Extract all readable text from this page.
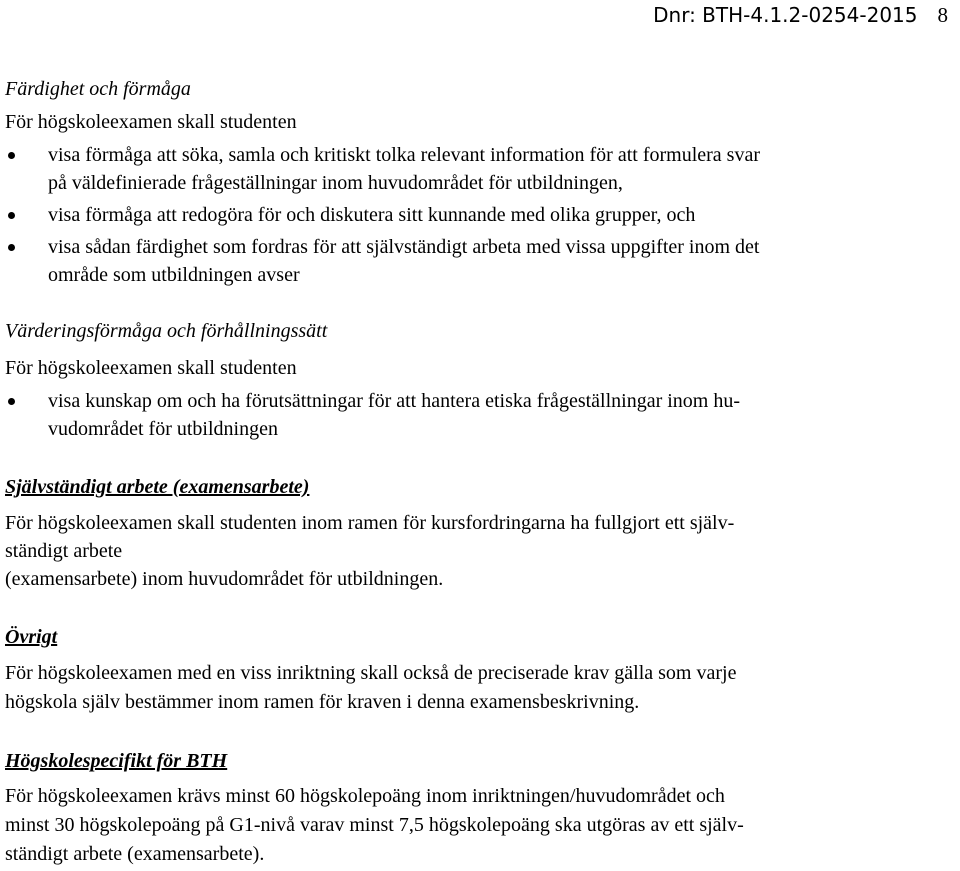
Dnr: BTH-4.1.2-0254-2015 8
Färdighet och förmåga
För högskoleexamen skall studenten
visa förmåga att söka, samla och kritiskt tolka relevant information för att formulera svar
på väldefinierade frågeställningar inom huvudområdet för utbildningen,
visa förmåga att redogöra för och diskutera sitt kunnande med olika grupper, och
visa sådan färdighet som fordras för att självständigt arbeta med vissa uppgifter inom det
område som utbildningen avser
Värderingsförmåga och förhållningssätt
För högskoleexamen skall studenten
visa kunskap om och ha förutsättningar för att hantera etiska frågeställningar inom hu-
vudområdet för utbildningen
Självständigt arbete (examensarbete)
För högskoleexamen skall studenten inom ramen för kursfordringarna ha fullgjort ett själv-
ständigt arbete
(examensarbete) inom huvudområdet för utbildningen.
Övrigt
För högskoleexamen med en viss inriktning skall också de preciserade krav gälla som varje
högskola själv bestämmer inom ramen för kraven i denna examensbeskrivning.
Högskolespecifikt för BTH
För högskoleexamen krävs minst 60 högskolepoäng inom inriktningen/huvudområdet och
minst 30 högskolepoäng på G1-nivå varav minst 7,5 högskolepoäng ska utgöras av ett själv-
ständigt arbete (examensarbete).
